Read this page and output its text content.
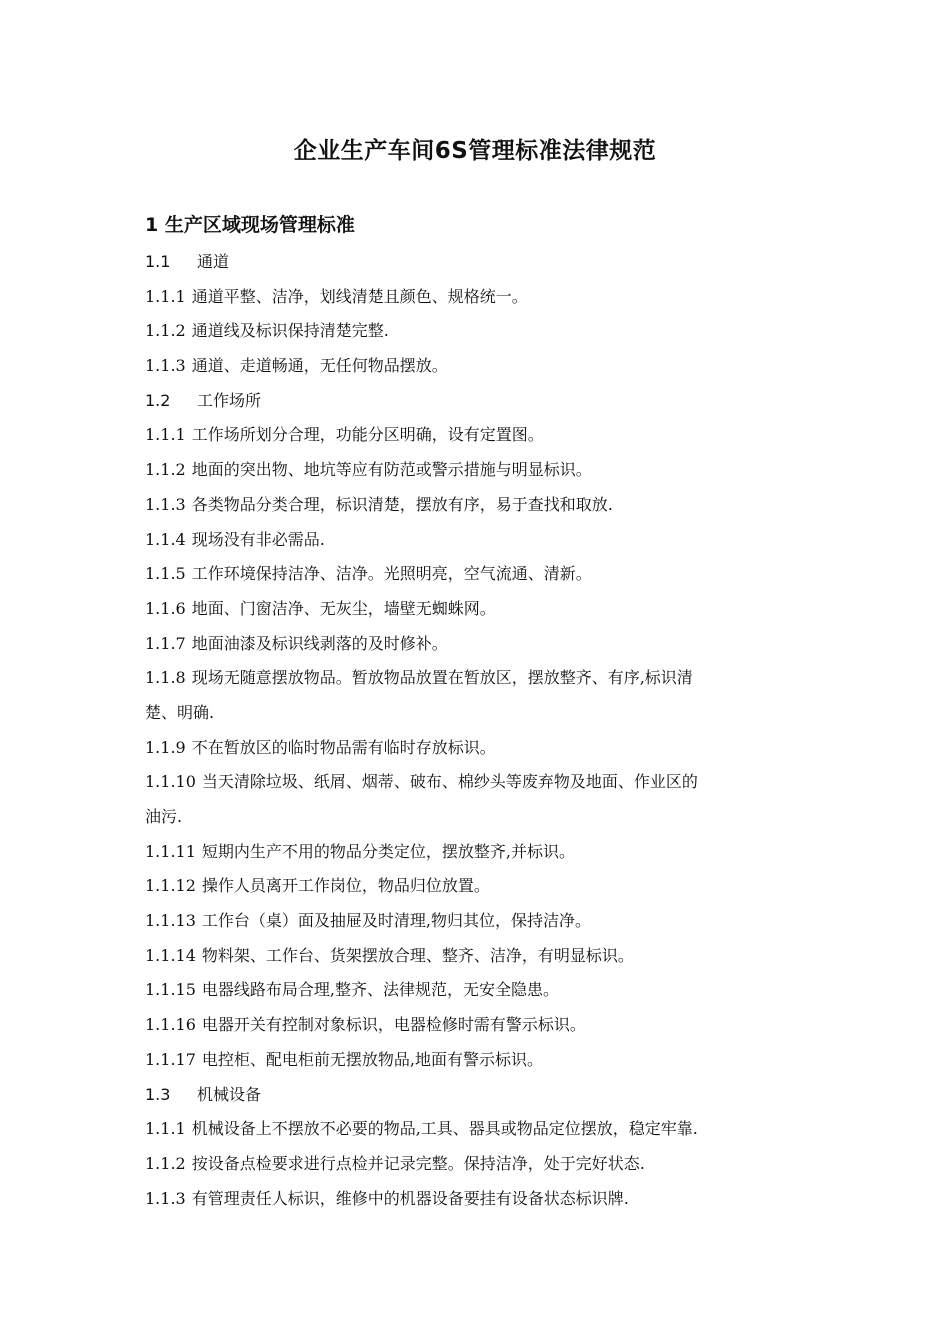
企业生产车间6S管理标准法律规范
1 生产区域现场管理标准
1.1 通道
1.1.1 通道平整、洁净，划线清楚且颜色、规格统一。
1.1.2 通道线及标识保持清楚完整.
1.1.3 通道、走道畅通，无任何物品摆放。
1.2 工作场所
1.1.1 工作场所划分合理，功能分区明确，设有定置图。
1.1.2 地面的突出物、地坑等应有防范或警示措施与明显标识。
1.1.3 各类物品分类合理，标识清楚，摆放有序，易于查找和取放.
1.1.4 现场没有非必需品.
1.1.5 工作环境保持洁净、洁净。光照明亮，空气流通、清新。
1.1.6 地面、门窗洁净、无灰尘，墙壁无蜘蛛网。
1.1.7 地面油漆及标识线剥落的及时修补。
1.1.8 现场无随意摆放物品。暂放物品放置在暂放区，摆放整齐、有序,标识清
楚、明确.
1.1.9 不在暂放区的临时物品需有临时存放标识。
1.1.10 当天清除垃圾、纸屑、烟蒂、破布、棉纱头等废弃物及地面、作业区的
油污.
1.1.11 短期内生产不用的物品分类定位，摆放整齐,并标识。
1.1.12 操作人员离开工作岗位，物品归位放置。
1.1.13 工作台（桌）面及抽屉及时清理,物归其位，保持洁净。
1.1.14 物料架、工作台、货架摆放合理、整齐、洁净，有明显标识。
1.1.15 电器线路布局合理,整齐、法律规范，无安全隐患。
1.1.16 电器开关有控制对象标识，电器检修时需有警示标识。
1.1.17 电控柜、配电柜前无摆放物品,地面有警示标识。
1.3 机械设备
1.1.1 机械设备上不摆放不必要的物品,工具、器具或物品定位摆放，稳定牢靠.
1.1.2 按设备点检要求进行点检并记录完整。保持洁净，处于完好状态.
1.1.3 有管理责任人标识，维修中的机器设备要挂有设备状态标识牌.
